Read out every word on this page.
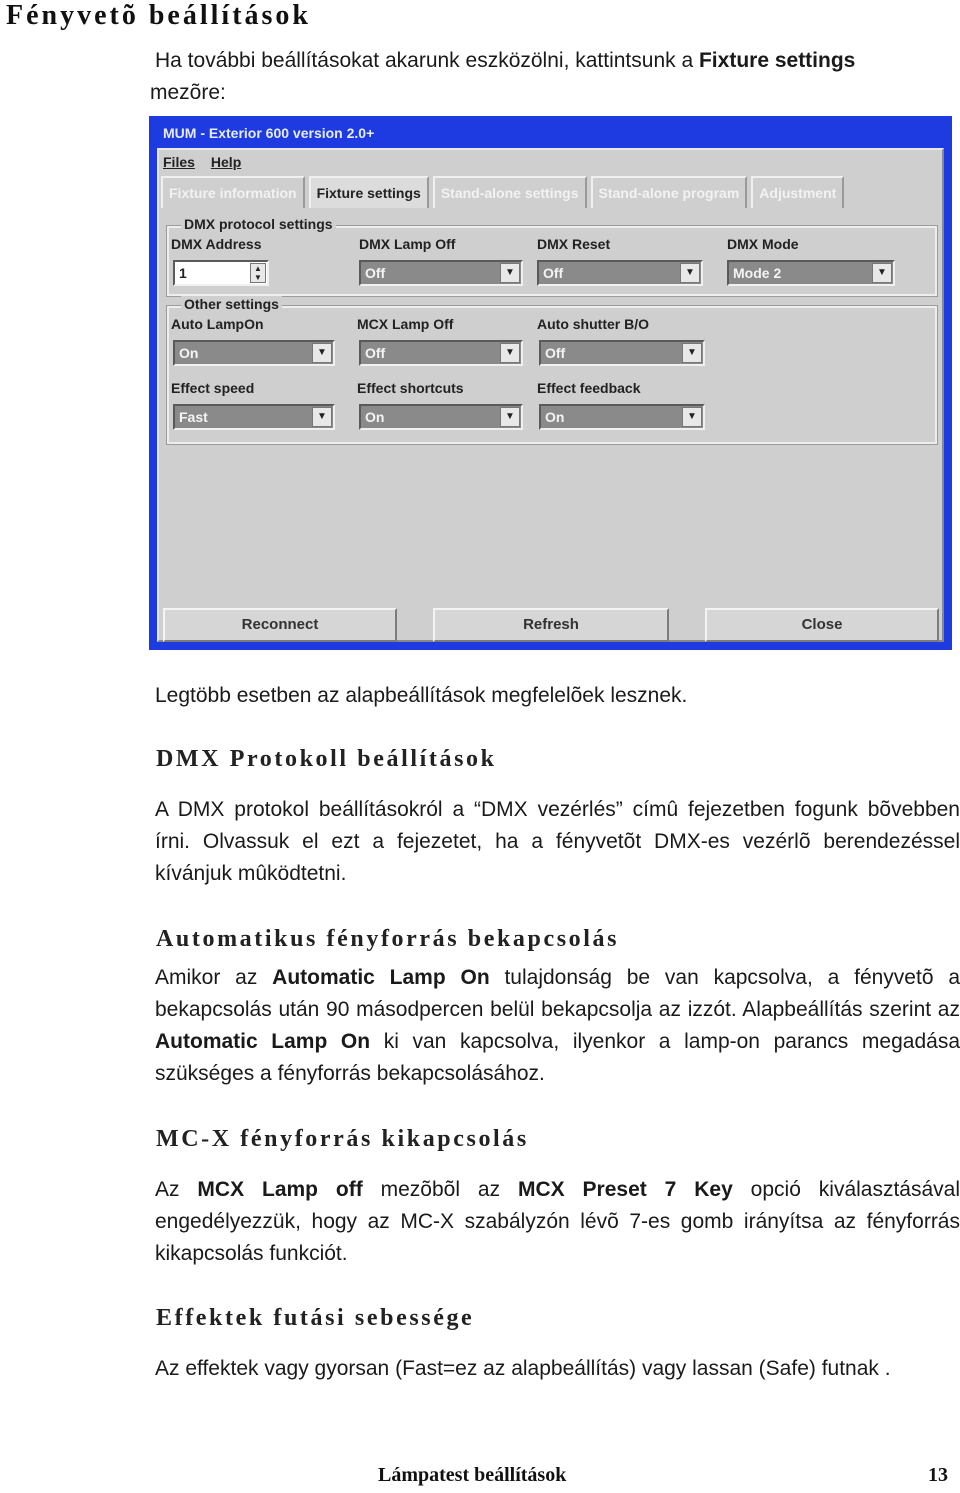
Fényvetõ beállítások
Ha további beállításokat akarunk eszközölni, kattintsunk a Fixture settings
mezõre:
MUM - Exterior 600 version 2.0+
Files Help
Fixture information	Fixture settings	Stand-alone settings	Stand-alone program	Adjustment
DMX protocol settings
DMX Address
1	▲
▼
DMX Lamp Off
Off	▼
DMX Reset
Off	▼
DMX Mode
Mode 2	▼
Other settings
Auto LampOn
On	▼
MCX Lamp Off
Off	▼
Auto shutter B/O
Off	▼
Effect speed
Fast	▼
Effect shortcuts
On	▼
Effect feedback
On	▼
Reconnect	Refresh	Close
Legtöbb esetben az alapbeállítások megfelelõek lesznek.
DMX Protokoll beállítások
A DMX protokol beállításokról a “DMX vezérlés” címû fejezetben fogunk bõvebben írni. Olvassuk el ezt a fejezetet, ha a fényvetõt DMX-es vezérlõ berendezéssel kívánjuk mûködtetni.
Automatikus fényforrás bekapcsolás
Amikor az Automatic Lamp On tulajdonság be van kapcsolva, a fényvetõ a bekapcsolás után 90 másodpercen belül bekapcsolja az izzót. Alapbeállítás szerint az Automatic Lamp On ki van kapcsolva, ilyenkor a lamp-on parancs megadása szükséges a fényforrás bekapcsolásához.
MC-X fényforrás kikapcsolás
Az MCX Lamp off mezõbõl az MCX Preset 7 Key opció kiválasztásával engedélyezzük, hogy az MC-X szabályzón lévõ 7-es gomb irányítsa az fényforrás kikapcsolás funkciót.
Effektek futási sebessége
Az effektek vagy gyorsan (Fast=ez az alapbeállítás) vagy lassan (Safe) futnak .
Lámpatest beállítások	13
